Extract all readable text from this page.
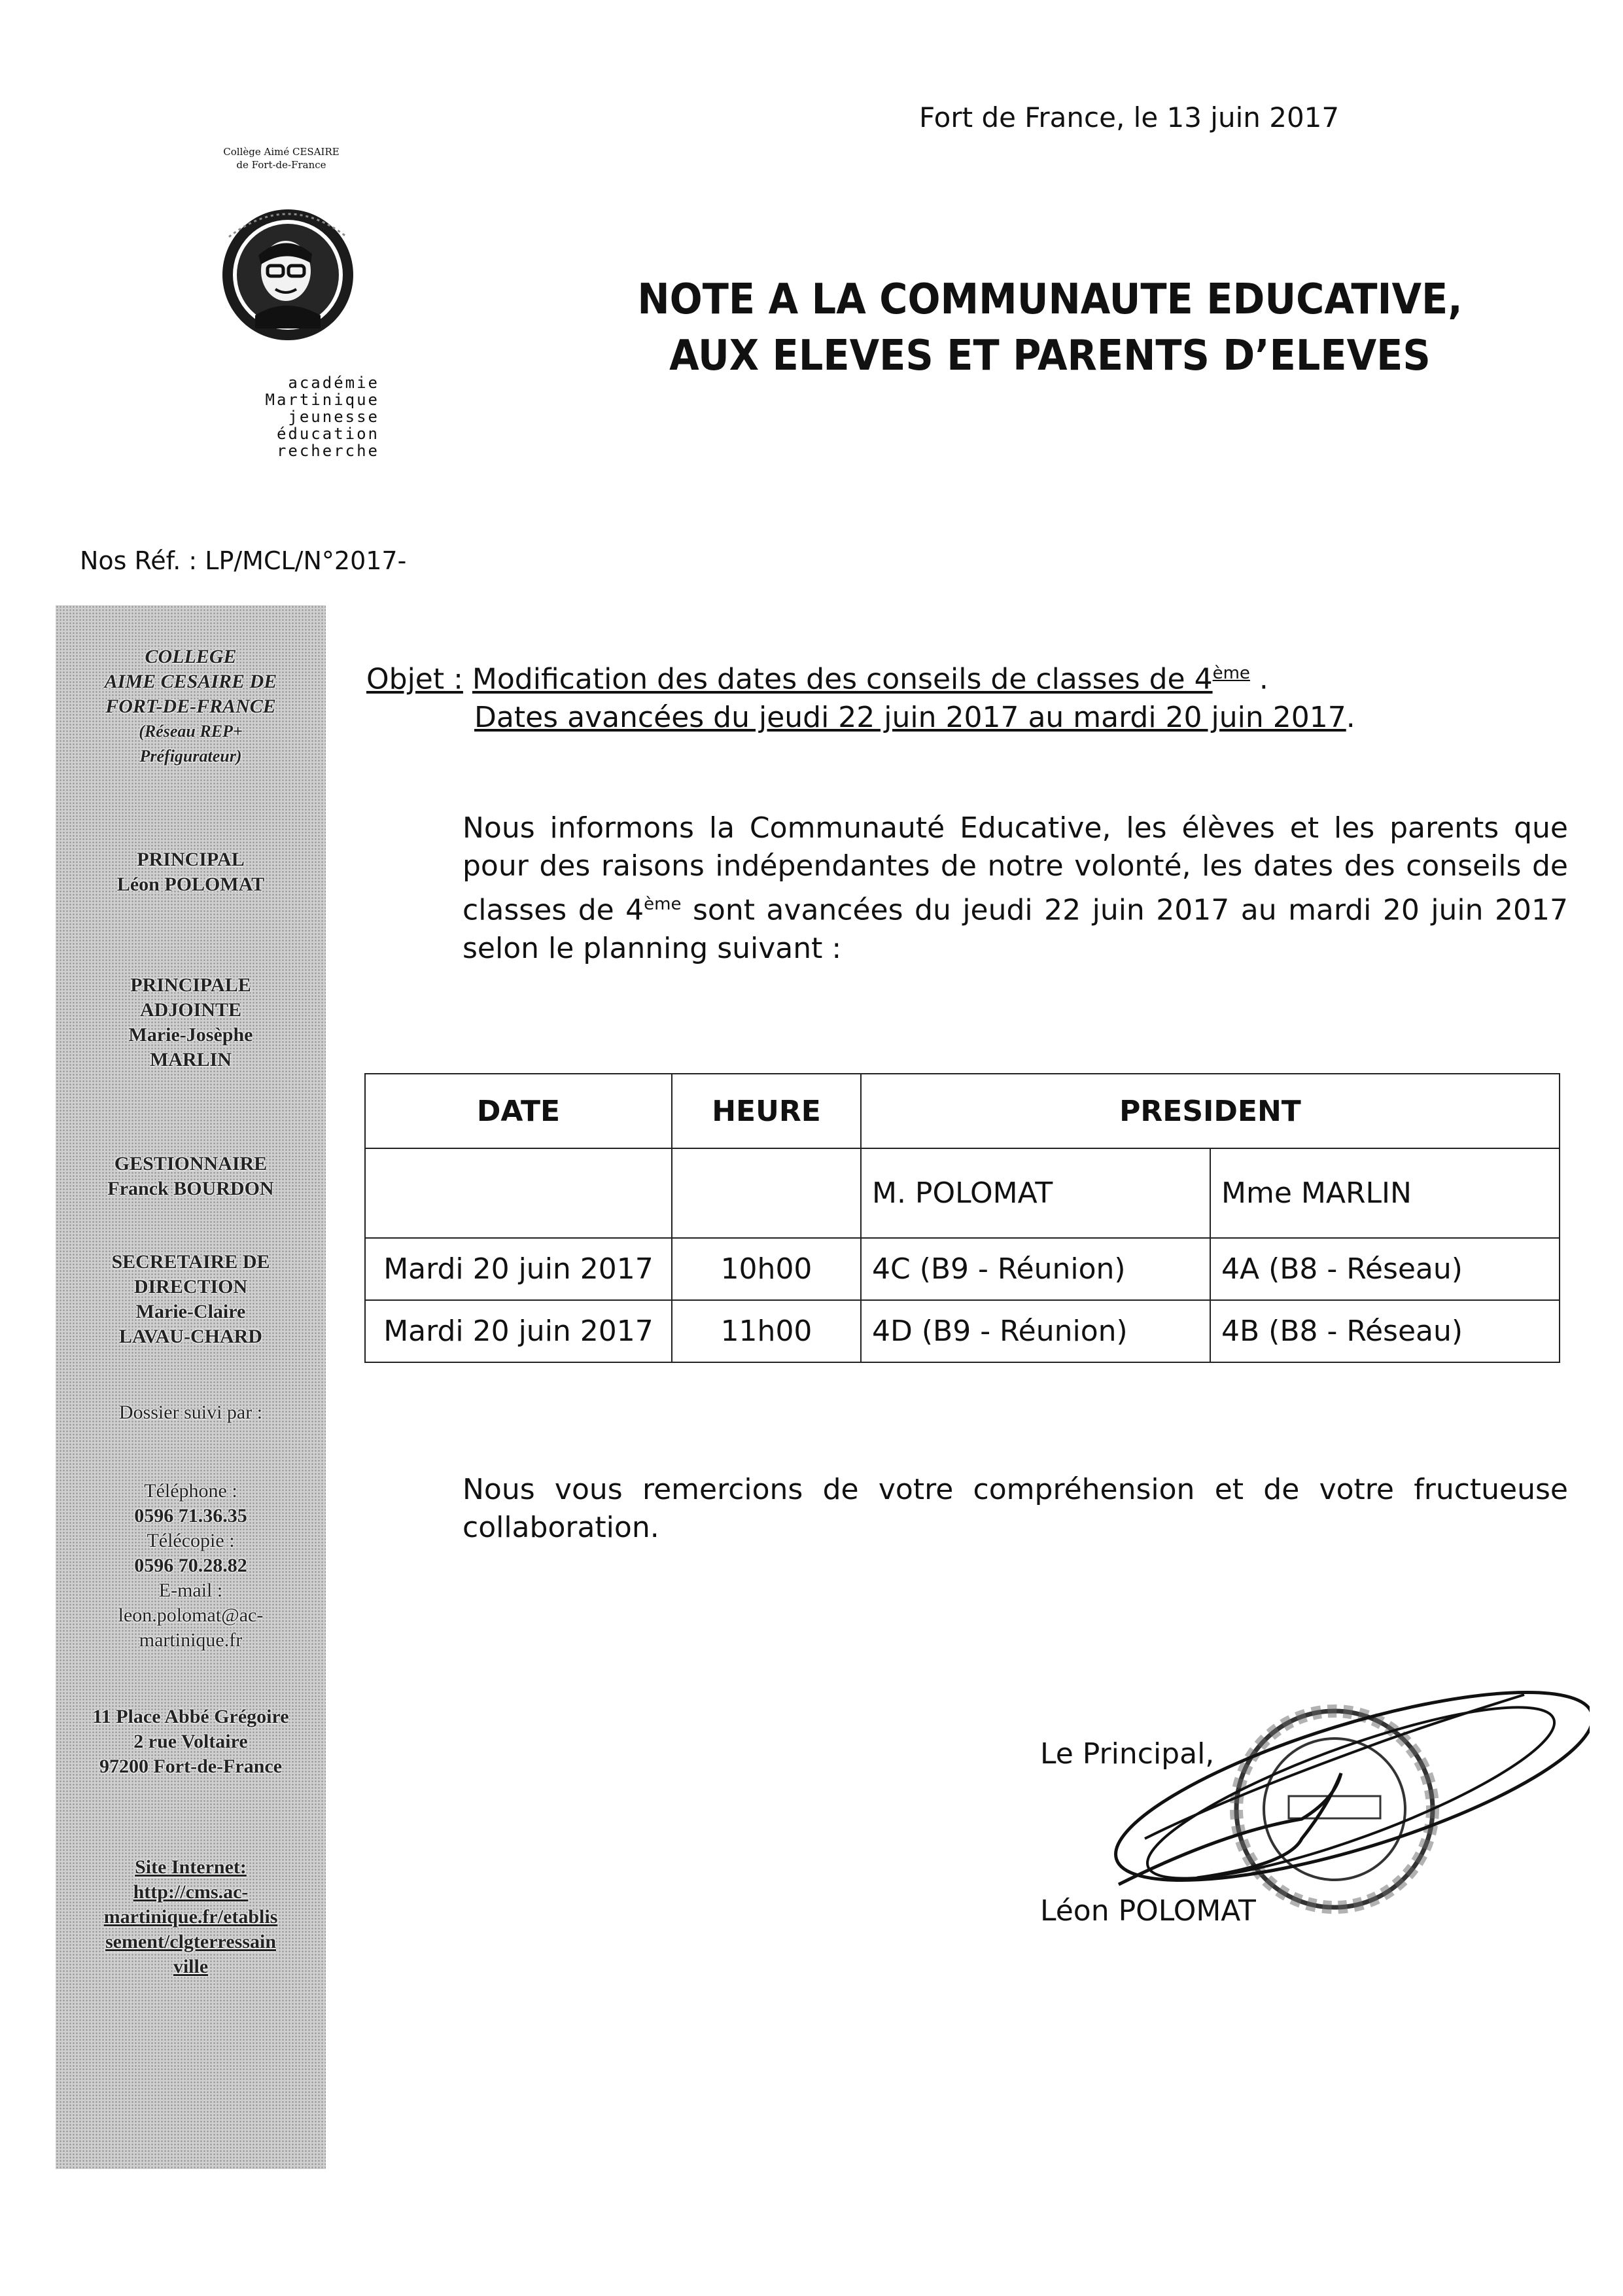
Fort de France, le 13 juin 2017
Collège Aimé CESAIRE
de Fort-de-France
académie
Martinique
jeunesse
éducation
recherche
NOTE A LA COMMUNAUTE EDUCATIVE,
AUX ELEVES ET PARENTS D’ELEVES
Nos Réf. : LP/MCL/N°2017-
COLLEGE
AIME CESAIRE DE
FORT-DE-FRANCE
(Réseau REP+
Préfigurateur)
PRINCIPAL
Léon POLOMAT
PRINCIPALE
ADJOINTE
Marie-Josèphe
MARLIN
GESTIONNAIRE
Franck BOURDON
SECRETAIRE DE
DIRECTION
Marie-Claire
LAVAU-CHARD
Dossier suivi par :
Téléphone :
0596 71.36.35
Télécopie :
0596 70.28.82
E-mail :
leon.polomat@ac-
martinique.fr
11 Place Abbé Grégoire
2 rue Voltaire
97200 Fort-de-France
Site Internet:
http://cms.ac-
martinique.fr/etablis
sement/clgterressain
ville
Objet : Modification des dates des conseils de classes de 4ème .
Dates avancées du jeudi 22 juin 2017 au mardi 20 juin 2017.
Nous informons la Communauté Educative, les élèves et les parents que pour des raisons indépendantes de notre volonté, les dates des conseils de classes de 4ème sont avancées du jeudi 22 juin 2017 au mardi 20 juin 2017 selon le planning suivant :
DATE	HEURE	PRESIDENT	
		M. POLOMAT	Mme MARLIN
Mardi 20 juin 2017	10h00	4C (B9 - Réunion)	4A (B8 - Réseau)
Mardi 20 juin 2017	11h00	4D (B9 - Réunion)	4B (B8 - Réseau)
Nous vous remercions de votre compréhension et de votre fructueuse collaboration.
Le Principal,
Léon POLOMAT
